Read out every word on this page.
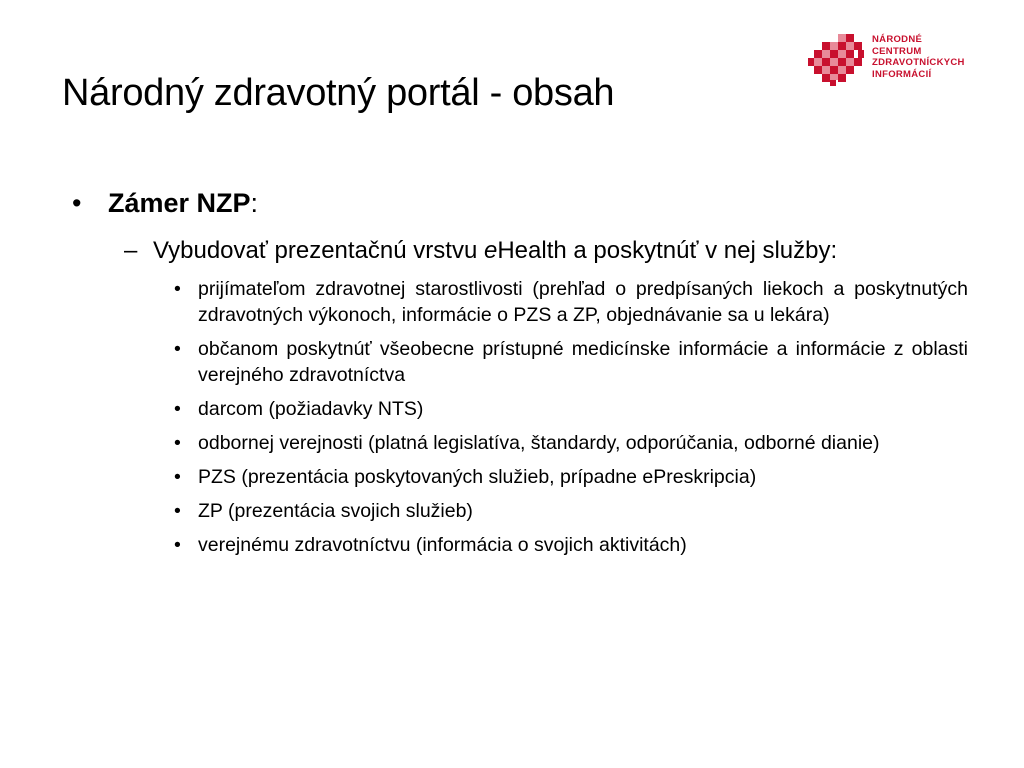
Národný zdravotný portál - obsah
NÁRODNÉ
CENTRUM
ZDRAVOTNÍCKYCH
INFORMÁCIÍ
• Zámer NZP:
– Vybudovať prezentačnú vrstvu eHealth a poskytnúť v nej služby:
• prijímateľom zdravotnej starostlivosti (prehľad o predpísaných liekoch a poskytnutých zdravotných výkonoch, informácie o PZS a ZP, objednávanie sa u lekára)
• občanom poskytnúť všeobecne prístupné medicínske informácie a informácie z oblasti verejného zdravotníctva
• darcom (požiadavky NTS)
• odbornej verejnosti (platná legislatíva, štandardy, odporúčania, odborné dianie)
• PZS (prezentácia poskytovaných služieb, prípadne ePreskripcia)
• ZP (prezentácia svojich služieb)
• verejnému zdravotníctvu (informácia o svojich aktivitách)
